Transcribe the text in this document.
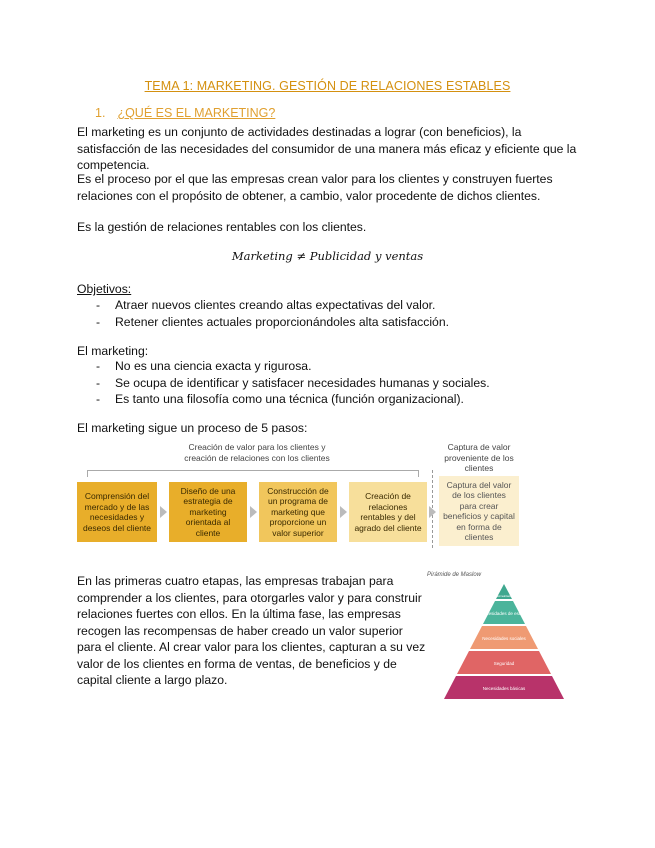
TEMA 1: MARKETING. GESTIÓN DE RELACIONES ESTABLES
1. ¿QUÉ ES EL MARKETING?
El marketing es un conjunto de actividades destinadas a lograr (con beneficios), la satisfacción de las necesidades del consumidor de una manera más eficaz y eficiente que la competencia.
Es el proceso por el que las empresas crean valor para los clientes y construyen fuertes relaciones con el propósito de obtener, a cambio, valor procedente de dichos clientes.
Es la gestión de relaciones rentables con los clientes.
Marketing ≠ Publicidad y ventas
Objetivos:
- Atraer nuevos clientes creando altas expectativas del valor.
- Retener clientes actuales proporcionándoles alta satisfacción.
El marketing:
- No es una ciencia exacta y rigurosa.
- Se ocupa de identificar y satisfacer necesidades humanas y sociales.
- Es tanto una filosofía como una técnica (función organizacional).
El marketing sigue un proceso de 5 pasos:
Creación de valor para los clientes y creación de relaciones con los clientes
Captura de valor proveniente de los clientes
Comprensión del mercado y de las necesidades y deseos del cliente
Diseño de una estrategia de marketing orientada al cliente
Construcción de un programa de marketing que proporcione un valor superior
Creación de relaciones rentables y del agrado del cliente
Captura del valor de los clientes para crear beneficios y capital en forma de clientes
En las primeras cuatro etapas, las empresas trabajan para comprender a los clientes, para otorgarles valor y para construir relaciones fuertes con ellos. En la última fase, las empresas recogen las recompensas de haber creado un valor superior para el cliente. Al crear valor para los clientes, capturan a su vez valor de los clientes en forma de ventas, de beneficios y de capital cliente a largo plazo.
Pirámide de Maslow
Autorrealización
Necesidades de estima
Necesidades sociales
Seguridad
Necesidades básicas
